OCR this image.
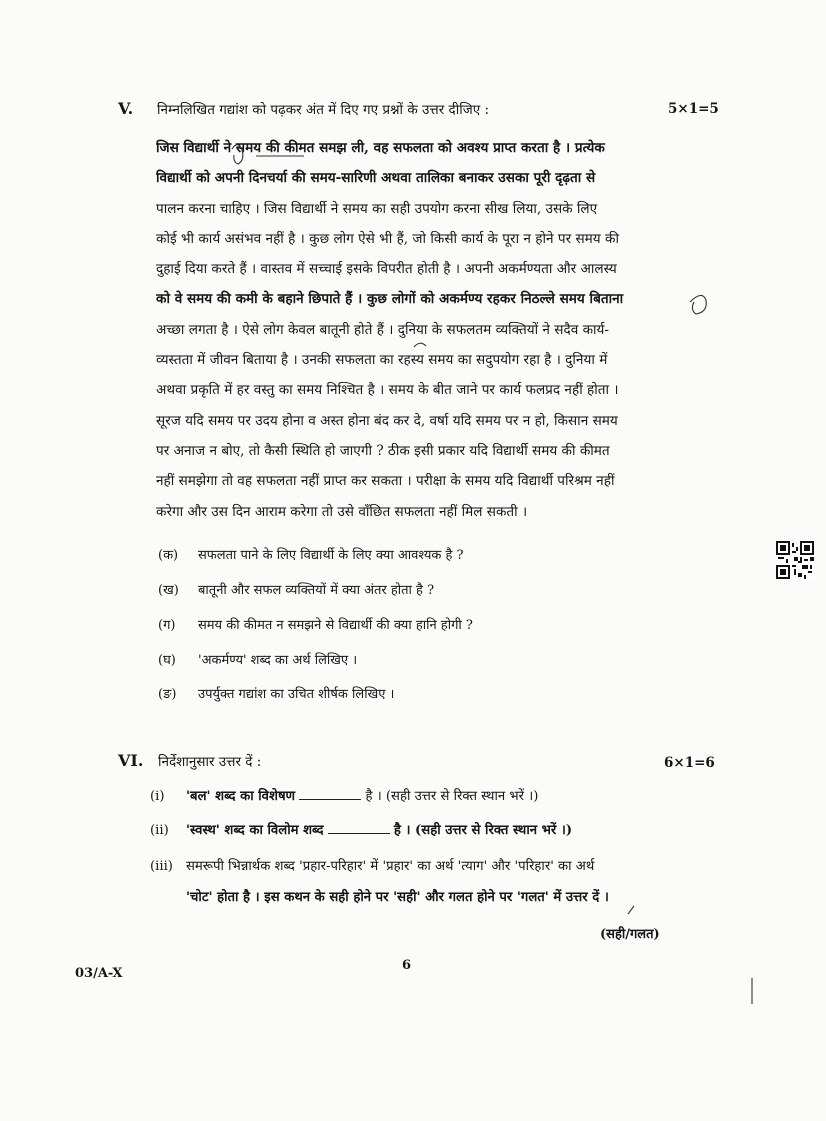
V. निम्नलिखित गद्यांश को पढ़कर अंत में दिए गए प्रश्नों के उत्तर दीजिए :	5×1=5
जिस विद्यार्थी ने समय की कीमत समझ ली, वह सफलता को अवश्य प्राप्त करता है । प्रत्येक
विद्यार्थी को अपनी दिनचर्या की समय-सारिणी अथवा तालिका बनाकर उसका पूरी दृढ़ता से
पालन करना चाहिए । जिस विद्यार्थी ने समय का सही उपयोग करना सीख लिया, उसके लिए
कोई भी कार्य असंभव नहीं है । कुछ लोग ऐसे भी हैं, जो किसी कार्य के पूरा न होने पर समय की
दुहाई दिया करते हैं । वास्तव में सच्चाई इसके विपरीत होती है । अपनी अकर्मण्यता और आलस्य
को वे समय की कमी के बहाने छिपाते हैं । कुछ लोगों को अकर्मण्य रहकर निठल्ले समय बिताना
अच्छा लगता है । ऐसे लोग केवल बातूनी होते हैं । दुनिया के सफलतम व्यक्तियों ने सदैव कार्य-
व्यस्तता में जीवन बिताया है । उनकी सफलता का रहस्य समय का सदुपयोग रहा है । दुनिया में
अथवा प्रकृति में हर वस्तु का समय निश्चित है । समय के बीत जाने पर कार्य फलप्रद नहीं होता ।
सूरज यदि समय पर उदय होना व अस्त होना बंद कर दे, वर्षा यदि समय पर न हो, किसान समय
पर अनाज न बोए, तो कैसी स्थिति हो जाएगी ? ठीक इसी प्रकार यदि विद्यार्थी समय की कीमत
नहीं समझेगा तो वह सफलता नहीं प्राप्त कर सकता । परीक्षा के समय यदि विद्यार्थी परिश्रम नहीं
करेगा और उस दिन आराम करेगा तो उसे वाँछित सफलता नहीं मिल सकती ।
(क) सफलता पाने के लिए विद्यार्थी के लिए क्या आवश्यक है ?
(ख) बातूनी और सफल व्यक्तियों में क्या अंतर होता है ?
(ग) समय की कीमत न समझने से विद्यार्थी की क्या हानि होगी ?
(घ) 'अकर्मण्य' शब्द का अर्थ लिखिए ।
(ङ) उपर्युक्त गद्यांश का उचित शीर्षक लिखिए ।
VI. निर्देशानुसार उत्तर दें :	6×1=6
(i) 'बल' शब्द का विशेषण	है । (सही उत्तर से रिक्त स्थान भरें ।)
(ii) 'स्वस्थ' शब्द का विलोम शब्द	है । (सही उत्तर से रिक्त स्थान भरें ।)
(iii) समरूपी भिन्नार्थक शब्द 'प्रहार-परिहार' में 'प्रहार' का अर्थ 'त्याग' और 'परिहार' का अर्थ
'चोट' होता है । इस कथन के सही होने पर 'सही' और गलत होने पर 'गलत' में उत्तर दें ।
(सही/गलत)
03/A-X
6
